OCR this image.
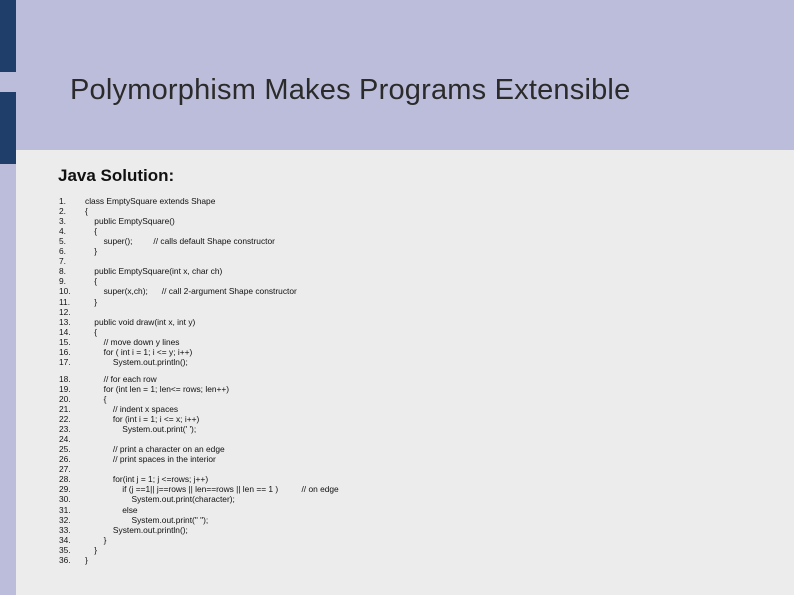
Polymorphism Makes Programs Extensible
Java Solution:
1.	class EmptySquare extends Shape
2.	{
3.	public EmptySquare()
4.	{
5.	super();         // calls default Shape constructor
6.	}
7.
8.	public EmptySquare(int x, char ch)
9.	{
10.	super(x,ch);      // call 2-argument Shape constructor
11.	}
12.
13.	public void draw(int x, int y)
14.	{
15.	// move down y lines
16.	for ( int i = 1; i <= y; i++)
17.	System.out.println();
18.	// for each row
19.	for (int len = 1; len<= rows; len++)
20.	{
21.	// indent x spaces
22.	for (int i = 1; i <= x; i++)
23.	System.out.print(' ');
24.
25.	// print a character on an edge
26.	// print spaces in the interior
27.
28.	for(int j = 1; j <=rows; j++)
29.	if (j ==1|| j==rows || len==rows || len == 1 )          // on edge
30.	System.out.print(character);
31.	else
32.	System.out.print(" ");
33.	System.out.println();
34.	}
35.	}
36.	}
